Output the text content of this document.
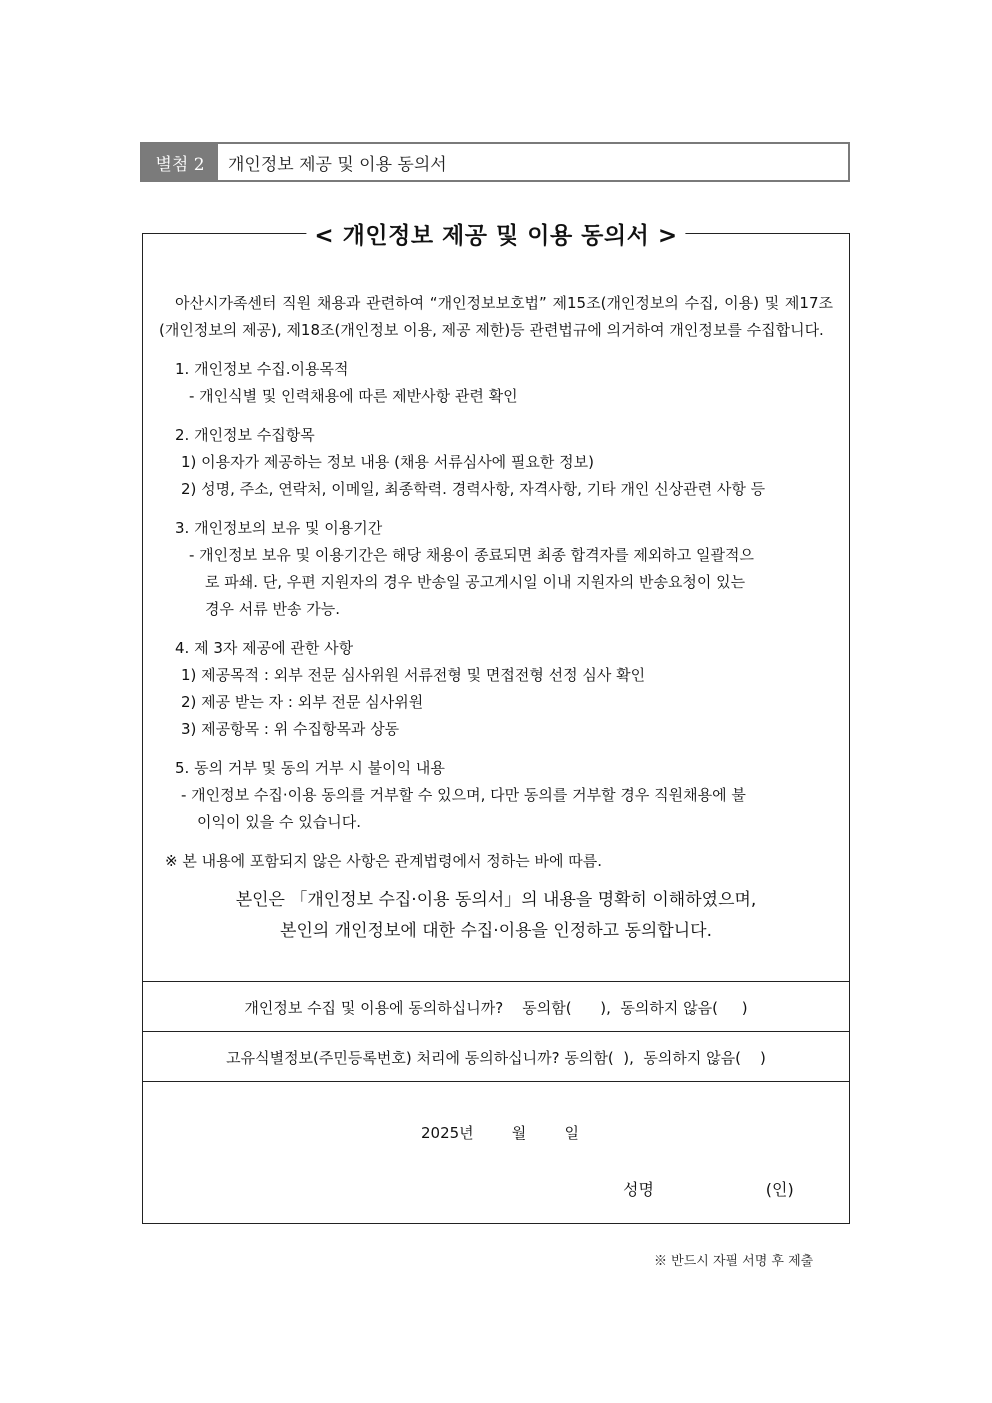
별첨 2	개인정보 제공 및 이용 동의서
< 개인정보 제공 및 이용 동의서 >

아산시가족센터 직원 채용과 관련하여 “개인정보보호법” 제15조(개인정보의 수집, 이용) 및 제17조(개인정보의 제공), 제18조(개인정보 이용, 제공 제한)등 관련법규에 의거하여 개인정보를 수집합니다.

1. 개인정보 수집.이용목적
- 개인식별 및 인력채용에 따른 제반사항 관련 확인
2. 개인정보 수집항목
1) 이용자가 제공하는 정보 내용 (채용 서류심사에 필요한 정보)
2) 성명, 주소, 연락처, 이메일, 최종학력. 경력사항, 자격사항, 기타 개인 신상관련 사항 등
3. 개인정보의 보유 및 이용기간
- 개인정보 보유 및 이용기간은 해당 채용이 종료되면 최종 합격자를 제외하고 일괄적으
로 파쇄. 단, 우편 지원자의 경우 반송일 공고게시일 이내 지원자의 반송요청이 있는
경우 서류 반송 가능.
4. 제 3자 제공에 관한 사항
1) 제공목적 : 외부 전문 심사위원 서류전형 및 면접전형 선정 심사 확인
2) 제공 받는 자 : 외부 전문 심사위원
3) 제공항목 : 위 수집항목과 상동
5. 동의 거부 및 동의 거부 시 불이익 내용
- 개인정보 수집·이용 동의를 거부할 수 있으며, 다만 동의를 거부할 경우 직원채용에 불
이익이 있을 수 있습니다.
※ 본 내용에 포함되지 않은 사항은 관계법령에서 정하는 바에 따름.
본인은 「개인정보 수집·이용 동의서」의 내용을 명확히 이해하였으며,
본인의 개인정보에 대한 수집·이용을 인정하고 동의합니다.
개인정보 수집 및 이용에 동의하십니까?    동의함(      ),  동의하지 않음(     )
고유식별정보(주민등록번호) 처리에 동의하십니까? 동의함(  ),  동의하지 않음(    )
2025년        월        일
성명                      (인)
※ 반드시 자필 서명 후 제출
